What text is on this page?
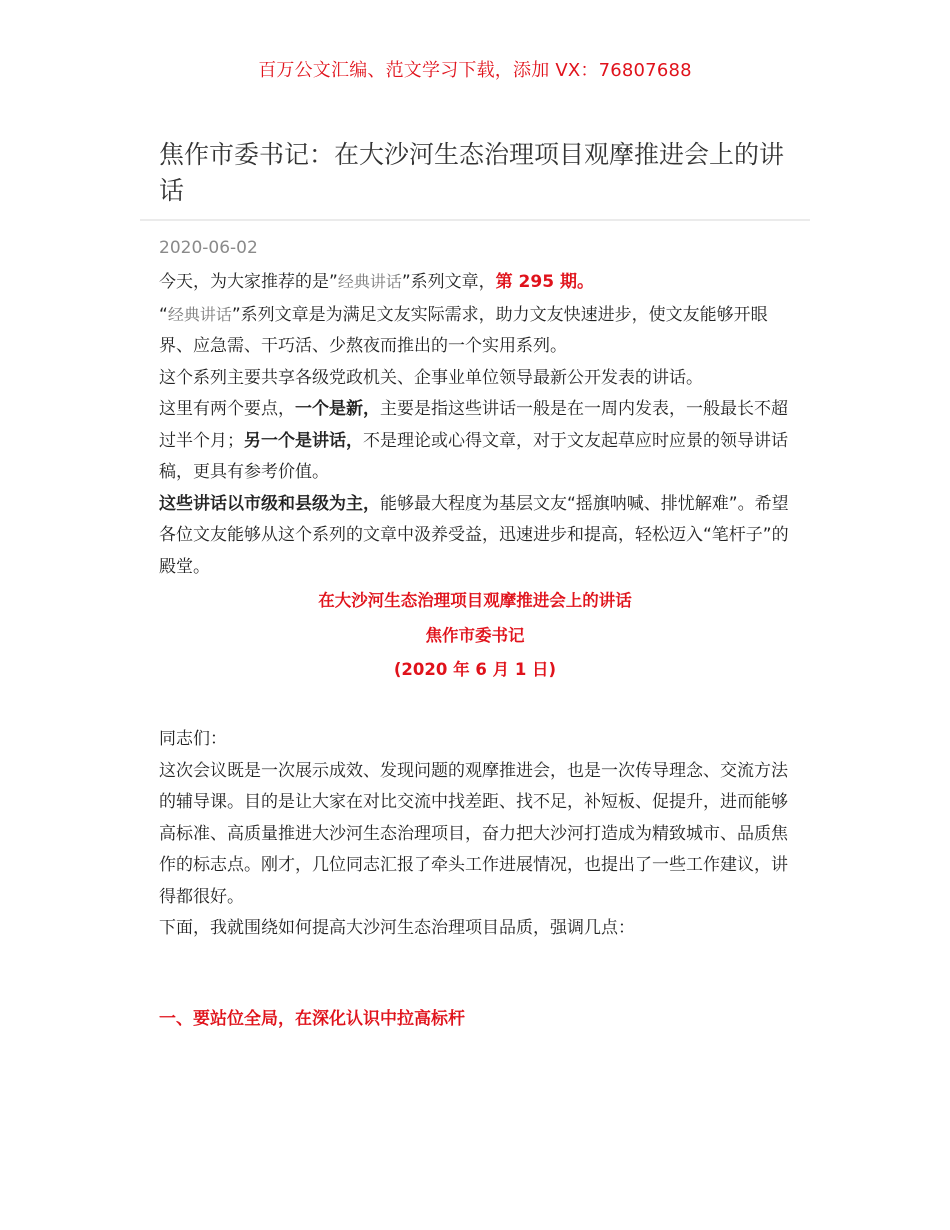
百万公文汇编、范文学习下载，添加 VX：76807688
焦作市委书记：在大沙河生态治理项目观摩推进会上的讲话
2020-06-02

今天，为大家推荐的是”经典讲话”系列文章，第 295 期。

“经典讲话”系列文章是为满足文友实际需求，助力文友快速进步，使文友能够开眼界、应急需、干巧活、少熬夜而推出的一个实用系列。

这个系列主要共享各级党政机关、企事业单位领导最新公开发表的讲话。

这里有两个要点，一个是新，主要是指这些讲话一般是在一周内发表，一般最长不超过半个月；另一个是讲话，不是理论或心得文章，对于文友起草应时应景的领导讲话稿，更具有参考价值。

这些讲话以市级和县级为主，能够最大程度为基层文友“摇旗呐喊、排忧解难”。希望各位文友能够从这个系列的文章中汲养受益，迅速进步和提高，轻松迈入“笔杆子”的殿堂。

在大沙河生态治理项目观摩推进会上的讲话

焦作市委书记

(2020 年 6 月 1 日)

同志们：

这次会议既是一次展示成效、发现问题的观摩推进会，也是一次传导理念、交流方法的辅导课。目的是让大家在对比交流中找差距、找不足，补短板、促提升，进而能够高标准、高质量推进大沙河生态治理项目，奋力把大沙河打造成为精致城市、品质焦作的标志点。刚才，几位同志汇报了牵头工作进展情况，也提出了一些工作建议，讲得都很好。

下面，我就围绕如何提高大沙河生态治理项目品质，强调几点：

一、要站位全局，在深化认识中拉高标杆
